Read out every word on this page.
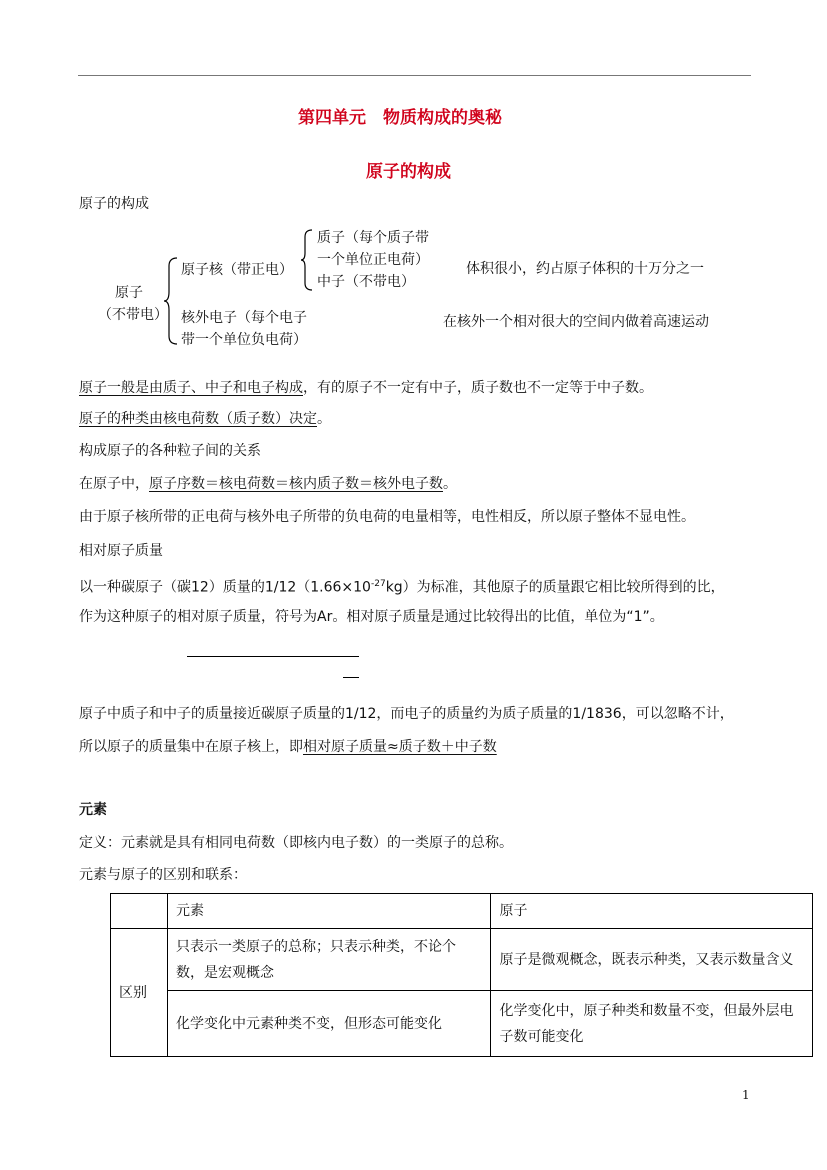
第四单元　物质构成的奥秘
原子的构成
原子的构成
原子
（不带电）
原子核（带正电）
质子（每个质子带
一个单位正电荷）
中子（不带电）
体积很小，约占原子体积的十万分之一
核外电子（每个电子
带一个单位负电荷）
在核外一个相对很大的空间内做着高速运动
原子一般是由质子、中子和电子构成，有的原子不一定有中子，质子数也不一定等于中子数。
原子的种类由核电荷数（质子数）决定。
构成原子的各种粒子间的关系
在原子中，原子序数＝核电荷数＝核内质子数＝核外电子数。
由于原子核所带的正电荷与核外电子所带的负电荷的电量相等，电性相反，所以原子整体不显电性。
相对原子质量
以一种碳原子（碳12）质量的$1/12(1.66\times 10^{-27}kg)$为标准，其他原子的质量跟它相比较所得到的比，
作为这种原子的相对原子质量，符号为Ar。相对原子质量是通过比较得出的比值，单位为“1”。
原子中质子和中子的质量接近碳原子质量的1/12，而电子的质量约为质子质量的1/1836，可以忽略不计，
所以原子的质量集中在原子核上，即相对原子质量≈质子数＋中子数
元素
定义：元素就是具有相同电荷数（即核内电子数）的一类原子的总称。
元素与原子的区别和联系：
	元素	原子
区别	只表示一类原子的总称；只表示种类，不论个数，是宏观概念	原子是微观概念，既表示种类，又表示数量含义
	化学变化中元素种类不变，但形态可能变化	化学变化中，原子种类和数量不变，但最外层电子数可能变化
1
